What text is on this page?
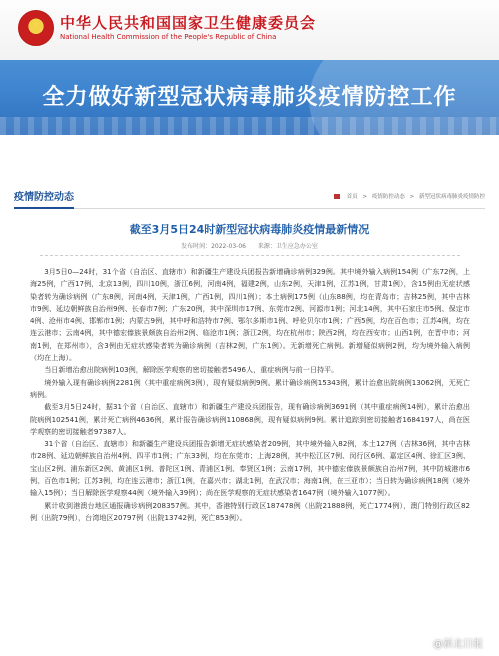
★	中华人民共和国国家卫生健康委员会
National Health Commission of the People's Republic of China
全力做好新型冠状病毒肺炎疫情防控工作
疫情防控动态	首页 > 疫情防控动态 > 新型冠状病毒肺炎疫情防控
截至3月5日24时新型冠状病毒肺炎疫情最新情况
发布时间：2022-03-06 来源：卫生应急办公室

3月5日0—24时，31个省（自治区、直辖市）和新疆生产建设兵团报告新增确诊病例329例。其中境外输入病例154例（广东72例，上海25例，广西17例，北京13例，四川10例，浙江6例，河南4例，福建2例，山东2例，天津1例，江苏1例，甘肃1例），含15例由无症状感染者转为确诊病例（广东8例，河南4例，天津1例，广西1例，四川1例）；本土病例175例（山东88例，均在青岛市；吉林25例，其中吉林市9例、延边朝鲜族自治州9例、长春市7例；广东20例，其中深圳市17例、东莞市2例、河源市1例；河北14例，其中石家庄市5例、保定市4例、沧州市4例、邯郸市1例；内蒙古9例，其中呼和浩特市7例、鄂尔多斯市1例、呼伦贝尔市1例；广西5例，均在百色市；江苏4例，均在连云港市；云南4例，其中德宏傣族景颇族自治州2例、临沧市1例；浙江2例，均在杭州市；陕西2例，均在西安市；山西1例，在晋中市；河南1例，在郑州市），含3例由无症状感染者转为确诊病例（吉林2例，广东1例）。无新增死亡病例。新增疑似病例2例，均为境外输入病例（均在上海）。

当日新增治愈出院病例103例，解除医学观察的密切接触者5496人，重症病例与前一日持平。

境外输入现有确诊病例2281例（其中重症病例3例），现有疑似病例9例。累计确诊病例15343例，累计治愈出院病例13062例，无死亡病例。

截至3月5日24时，据31个省（自治区、直辖市）和新疆生产建设兵团报告，现有确诊病例3691例（其中重症病例14例），累计治愈出院病例102541例，累计死亡病例4636例，累计报告确诊病例110868例，现有疑似病例9例。累计追踪到密切接触者1684197人，尚在医学观察的密切接触者97387人。

31个省（自治区、直辖市）和新疆生产建设兵团报告新增无症状感染者209例，其中境外输入82例，本土127例（吉林36例，其中吉林市28例、延边朝鲜族自治州4例、四平市1例；广东33例，均在东莞市；上海28例，其中松江区7例、闵行区6例、嘉定区4例、徐汇区3例、宝山区2例、浦东新区2例、黄浦区1例、普陀区1例、青浦区1例、奉贤区1例；云南17例，其中德宏傣族景颇族自治州7例，其中防城港市6例、百色市1例；江苏3例，均在连云港市；浙江1例，在嘉兴市；湖北1例，在武汉市；海南1例，在三亚市）；当日转为确诊病例18例（境外输入15例）；当日解除医学观察44例（境外输入39例）；尚在医学观察的无症状感染者1647例（境外输入1077例）。

累计收到港澳台地区通报确诊病例208357例。其中，香港特别行政区187478例（出院21888例，死亡1774例），澳门特别行政区82例（出院79例），台湾地区20797例（出院13742例，死亡853例）。

@新北日报
